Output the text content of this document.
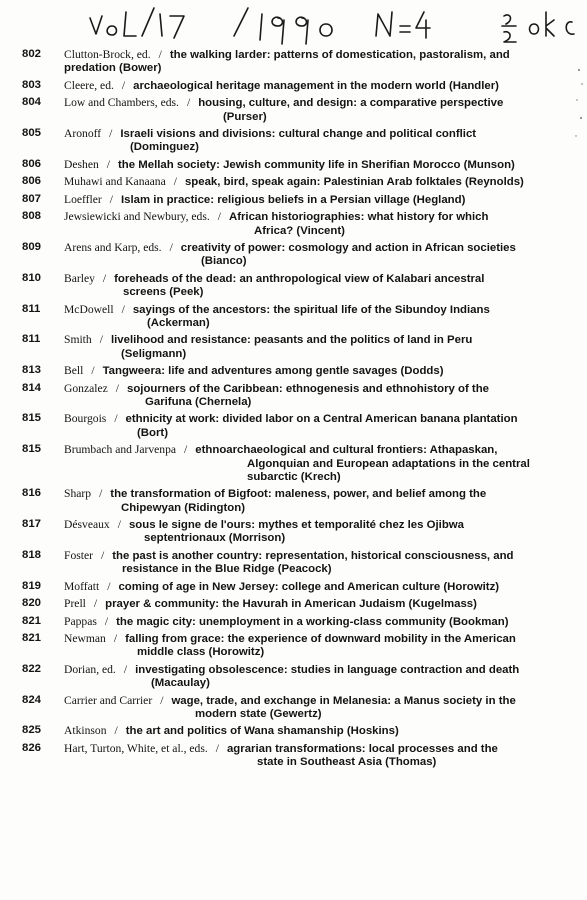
802	Clutton-Brock, ed. / the walking larder: patterns of domestication, pastoralism, and
predation (Bower)
803	Cleere, ed. / archaeological heritage management in the modern world (Handler)
804	Low and Chambers, eds. / housing, culture, and design: a comparative perspective
(Purser)
805	Aronoff / Israeli visions and divisions: cultural change and political conflict
(Dominguez)
806	Deshen / the Mellah society: Jewish community life in Sherifian Morocco (Munson)
806	Muhawi and Kanaana / speak, bird, speak again: Palestinian Arab folktales (Reynolds)
807	Loeffler / Islam in practice: religious beliefs in a Persian village (Hegland)
808	Jewsiewicki and Newbury, eds. / African historiographies: what history for which
Africa? (Vincent)
809	Arens and Karp, eds. / creativity of power: cosmology and action in African societies
(Bianco)
810	Barley / foreheads of the dead: an anthropological view of Kalabari ancestral
screens (Peek)
811	McDowell / sayings of the ancestors: the spiritual life of the Sibundoy Indians
(Ackerman)
811	Smith / livelihood and resistance: peasants and the politics of land in Peru
(Seligmann)
813	Bell / Tangweera: life and adventures among gentle savages (Dodds)
814	Gonzalez / sojourners of the Caribbean: ethnogenesis and ethnohistory of the
Garifuna (Chernela)
815	Bourgois / ethnicity at work: divided labor on a Central American banana plantation
(Bort)
815	Brumbach and Jarvenpa / ethnoarchaeological and cultural frontiers: Athapaskan,
Algonquian and European adaptations in the central
subarctic (Krech)
816	Sharp / the transformation of Bigfoot: maleness, power, and belief among the
Chipewyan (Ridington)
817	Désveaux / sous le signe de l'ours: mythes et temporalité chez les Ojibwa
septentrionaux (Morrison)
818	Foster / the past is another country: representation, historical consciousness, and
resistance in the Blue Ridge (Peacock)
819	Moffatt / coming of age in New Jersey: college and American culture (Horowitz)
820	Prell / prayer & community: the Havurah in American Judaism (Kugelmass)
821	Pappas / the magic city: unemployment in a working-class community (Bookman)
821	Newman / falling from grace: the experience of downward mobility in the American
middle class (Horowitz)
822	Dorian, ed. / investigating obsolescence: studies in language contraction and death
(Macaulay)
824	Carrier and Carrier / wage, trade, and exchange in Melanesia: a Manus society in the
modern state (Gewertz)
825	Atkinson / the art and politics of Wana shamanship (Hoskins)
826	Hart, Turton, White, et al., eds. / agrarian transformations: local processes and the
state in Southeast Asia (Thomas)
